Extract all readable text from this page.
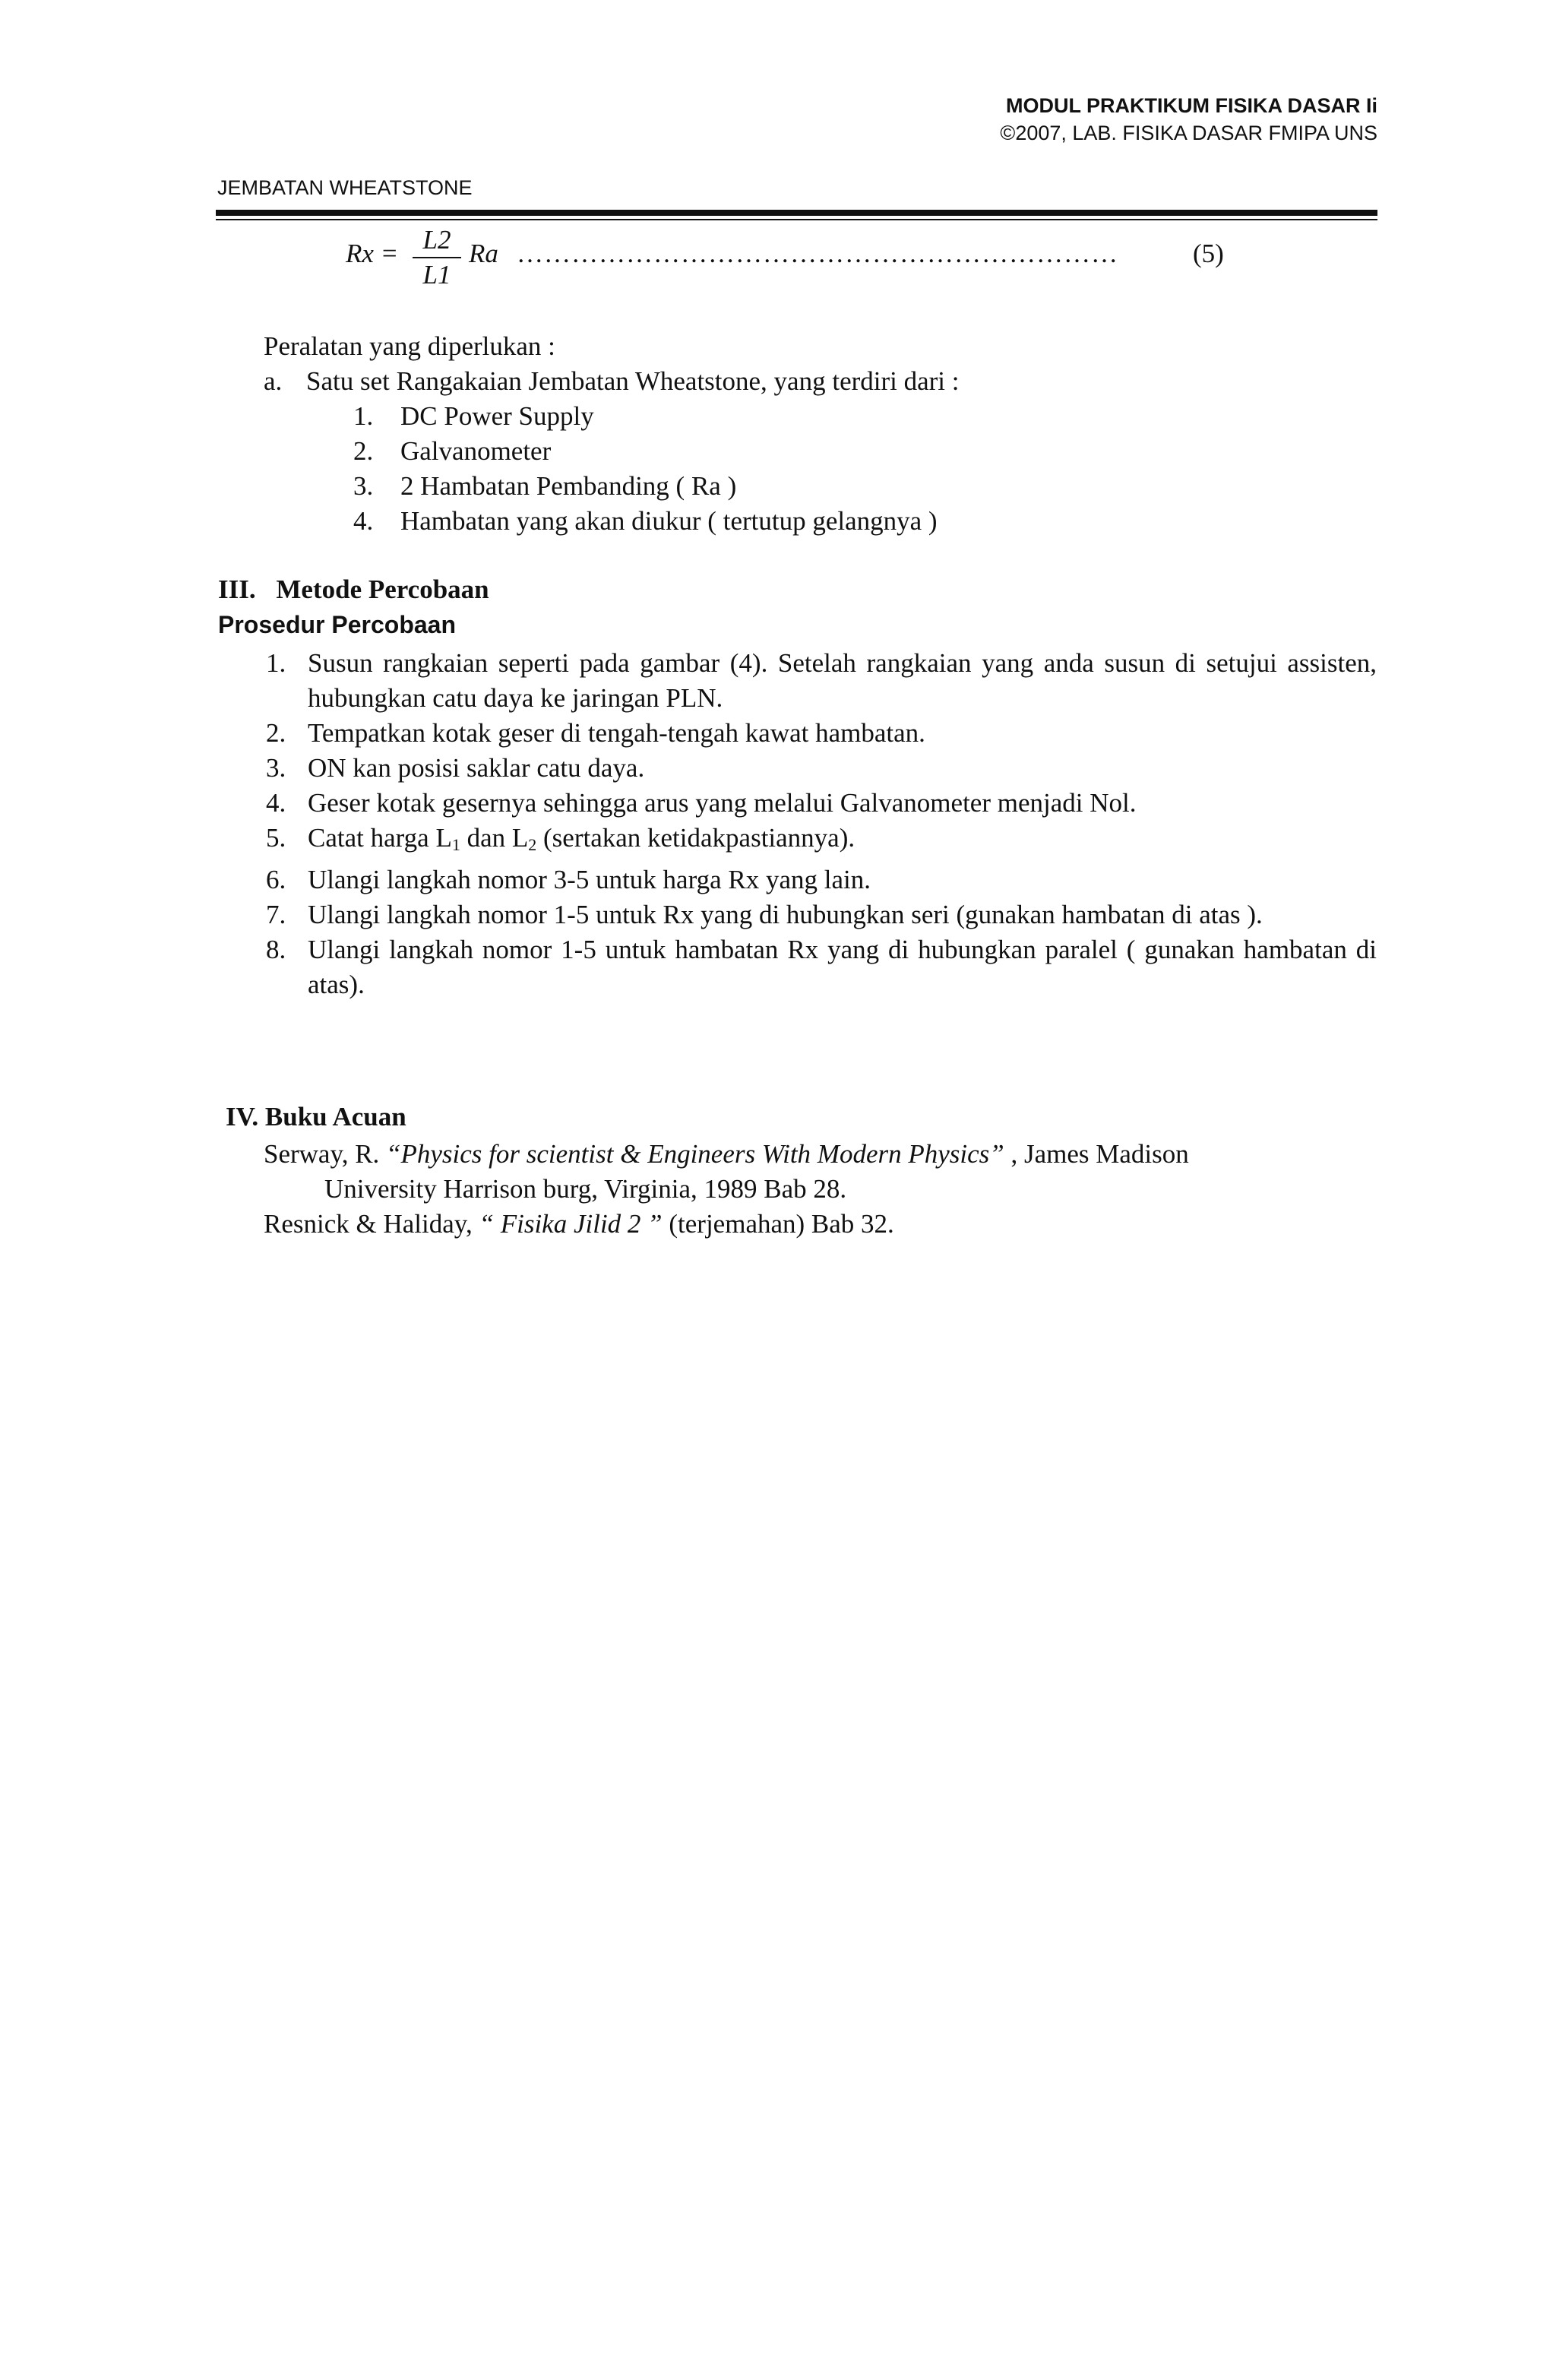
MODUL PRAKTIKUM FISIKA DASAR Ii
©2007, LAB. FISIKA DASAR FMIPA UNS
JEMBATAN WHEATSTONE
Rx = L2
L1
Ra …………………………………………………………	(5)
Peralatan yang diperlukan :
a. Satu set Rangakaian Jembatan Wheatstone, yang terdiri dari :
1. DC Power Supply
2. Galvanometer
3. 2 Hambatan Pembanding ( Ra )
4. Hambatan yang akan diukur ( tertutup gelangnya )
III. Metode Percobaan
Prosedur Percobaan
1. Susun rangkaian seperti pada gambar (4). Setelah rangkaian yang anda susun di setujui assisten, hubungkan catu daya ke jaringan PLN.
2. Tempatkan kotak geser di tengah-tengah kawat hambatan.
3. ON kan posisi saklar catu daya.
4. Geser kotak gesernya sehingga arus yang melalui Galvanometer menjadi Nol.
5. Catat harga $L_1$ dan $L_2$ (sertakan ketidakpastiannya).
6. Ulangi langkah nomor 3-5 untuk harga Rx yang lain.
7. Ulangi langkah nomor 1-5 untuk Rx yang di hubungkan seri (gunakan hambatan di atas ).
8. Ulangi langkah nomor 1-5 untuk hambatan Rx yang di hubungkan paralel ( gunakan hambatan di atas).
IV. Buku Acuan
Serway, R. “Physics for scientist & Engineers With Modern Physics” , James Madison
University Harrison burg, Virginia, 1989 Bab 28.
Resnick & Haliday, “ Fisika Jilid 2 ” (terjemahan) Bab 32.
